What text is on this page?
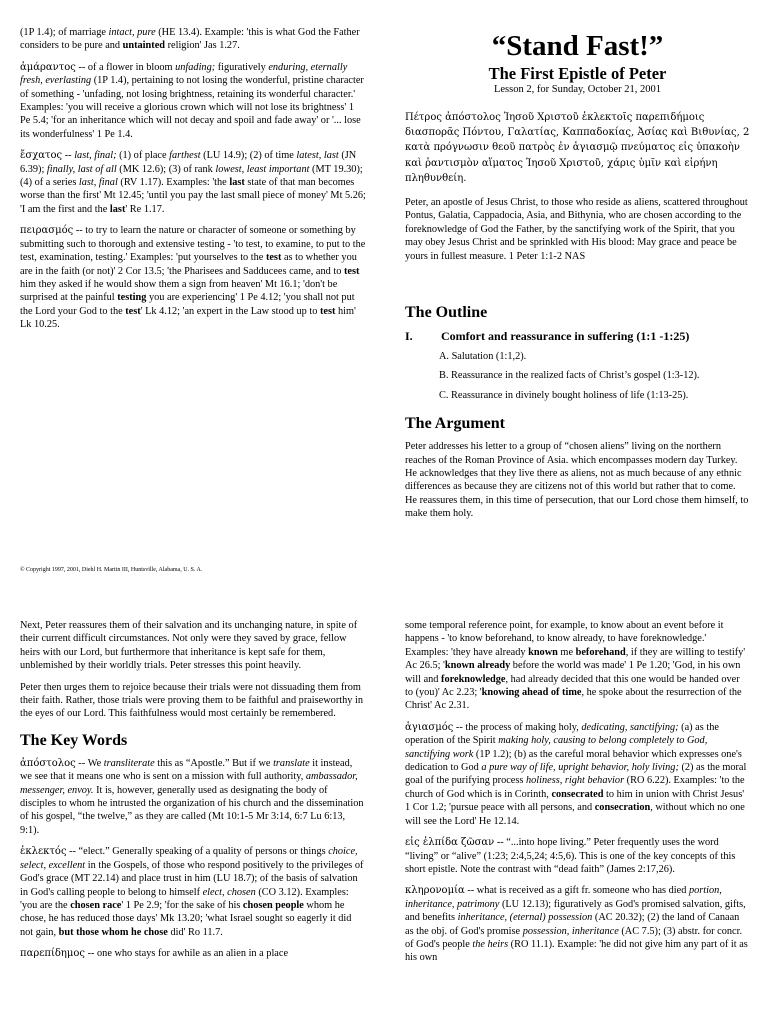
(1P 1.4); of marriage intact, pure (HE 13.4). Example: 'this is what God the Father considers to be pure and untainted religion' Jas 1.27.

ἀμάραντος -- of a flower in bloom unfading; figuratively enduring, eternally fresh, everlasting (1P 1.4), pertaining to not losing the wonderful, pristine character of something - 'unfading, not losing brightness, retaining its wonderful character.' Examples: 'you will receive a glorious crown which will not lose its brightness' 1 Pe 5.4; 'for an inheritance which will not decay and spoil and fade away' or '... lose its wonderfulness' 1 Pe 1.4.

ἔσχατος -- last, final; (1) of place farthest (LU 14.9); (2) of time latest, last (JN 6.39); finally, last of all (MK 12.6); (3) of rank lowest, least important (MT 19.30); (4) of a series last, final (RV 1.17). Examples: 'the last state of that man becomes worse than the first' Mt 12.45; 'until you pay the last small piece of money' Mt 5.26; 'I am the first and the last' Re 1.17.

πειρασμός -- to try to learn the nature or character of someone or something by submitting such to thorough and extensive testing - 'to test, to examine, to put to the test, examination, testing.' Examples: 'put yourselves to the test as to whether you are in the faith (or not)' 2 Cor 13.5; 'the Pharisees and Sadducees came, and to test him they asked if he would show them a sign from heaven' Mt 16.1; 'don't be surprised at the painful testing you are experiencing' 1 Pe 4.12; 'you shall not put the Lord your God to the test' Lk 4.12; 'an expert in the Law stood up to test him' Lk 10.25.

© Copyright 1997, 2001, Diehl H. Martin III, Huntsville, Alabama, U. S. A.
“Stand Fast!”
The First Epistle of Peter
Lesson 2, for Sunday, October 21, 2001
Πέτρος ἀπόστολος Ἰησοῦ Χριστοῦ ἐκλεκτοῖς παρεπιδήμοις διασπορᾶς Πόντου, Γαλατίας, Καππαδοκίας, Ἀσίας καὶ Βιθυνίας, 2 κατὰ πρόγνωσιν θεοῦ πατρὸς ἐν ἁγιασμῷ πνεύματος εἰς ὑπακοὴν καὶ ῥαντισμὸν αἵματος Ἰησοῦ Χριστοῦ, χάρις ὑμῖν καὶ εἰρήνη πληθυνθείη.

Peter, an apostle of Jesus Christ, to those who reside as aliens, scattered throughout Pontus, Galatia, Cappadocia, Asia, and Bithynia, who are chosen according to the foreknowledge of God the Father, by the sanctifying work of the Spirit, that you may obey Jesus Christ and be sprinkled with His blood: May grace and peace be yours in fullest measure. 1 Peter 1:1-2 NAS

The Outline
I.	Comfort and reassurance in suffering (1:1 -1:25)

A. Salutation (1:1,2).

B. Reassurance in the realized facts of Christ’s gospel (1:3-12).

C. Reassurance in divinely bought holiness of life (1:13-25).

The Argument

Peter addresses his letter to a group of “chosen aliens” living on the northern reaches of the Roman Province of Asia. which encompasses modern day Turkey. He acknowledges that they live there as aliens, not as much because of any ethnic differences as because they are citizens not of this world but rather that to come. He reassures them, in this time of persecution, that our Lord chose them himself, to make them holy.

Next, Peter reassures them of their salvation and its unchanging nature, in spite of their current difficult circumstances. Not only were they saved by grace, fellow heirs with our Lord, but furthermore that inheritance is kept safe for them, unblemished by their worldly trials. Peter stresses this point heavily.

Peter then urges them to rejoice because their trials were not dissuading them from their faith. Rather, those trials were proving them to be faithful and praiseworthy in the eyes of our Lord. This faithfulness would most certainly be remembered.

The Key Words

ἀπόστολος -- We transliterate this as “Apostle.” But if we translate it instead, we see that it means one who is sent on a mission with full authority, ambassador, messenger, envoy. It is, however, generally used as designating the body of disciples to whom he intrusted the organization of his church and the dissemination of his gospel, “the twelve,” as they are called (Mt 10:1-5 Mr 3:14, 6:7 Lu 6:13, 9:1).

ἐκλεκτός -- “elect.” Generally speaking of a quality of persons or things choice, select, excellent in the Gospels, of those who respond positively to the privileges of God's grace (MT 22.14) and place trust in him (LU 18.7); of the basis of salvation in God's calling people to belong to himself elect, chosen (CO 3.12). Examples: 'you are the chosen race' 1 Pe 2.9; 'for the sake of his chosen people whom he chose, he has reduced those days' Mk 13.20; 'what Israel sought so eagerly it did not gain, but those whom he chose did' Ro 11.7.

παρεπίδημος -- one who stays for awhile as an alien in a place

some temporal reference point, for example, to know about an event before it happens - 'to know beforehand, to know already, to have foreknowledge.' Examples: 'they have already known me beforehand, if they are willing to testify' Ac 26.5; 'known already before the world was made' 1 Pe 1.20; 'God, in his own will and foreknowledge, had already decided that this one would be handed over to (you)' Ac 2.23; 'knowing ahead of time, he spoke about the resurrection of the Christ' Ac 2.31.

ἁγιασμός -- the process of making holy, dedicating, sanctifying; (a) as the operation of the Spirit making holy, causing to belong completely to God, sanctifying work (1P 1.2); (b) as the careful moral behavior which expresses one's dedication to God a pure way of life, upright behavior, holy living; (2) as the moral goal of the purifying process holiness, right behavior (RO 6.22). Examples: 'to the church of God which is in Corinth, consecrated to him in union with Christ Jesus' 1 Cor 1.2; 'pursue peace with all persons, and consecration, without which no one will see the Lord' He 12.14.

εἰς ἐλπίδα ζῶσαν -- “...into hope living.” Peter frequently uses the word “living” or “alive” (1:23; 2:4,5,24; 4:5,6). This is one of the key concepts of this short epistle. Note the contrast with “dead faith” (James 2:17,26).

κληρονομία -- what is received as a gift fr. someone who has died portion, inheritance, patrimony (LU 12.13); figuratively as God's promised salvation, gifts, and benefits inheritance, (eternal) possession (AC 20.32); (2) the land of Canaan as the obj. of God's promise possession, inheritance (AC 7.5); (3) abstr. for concr. of God's people the heirs (RO 11.1). Example: 'he did not give him any part of it as his own
